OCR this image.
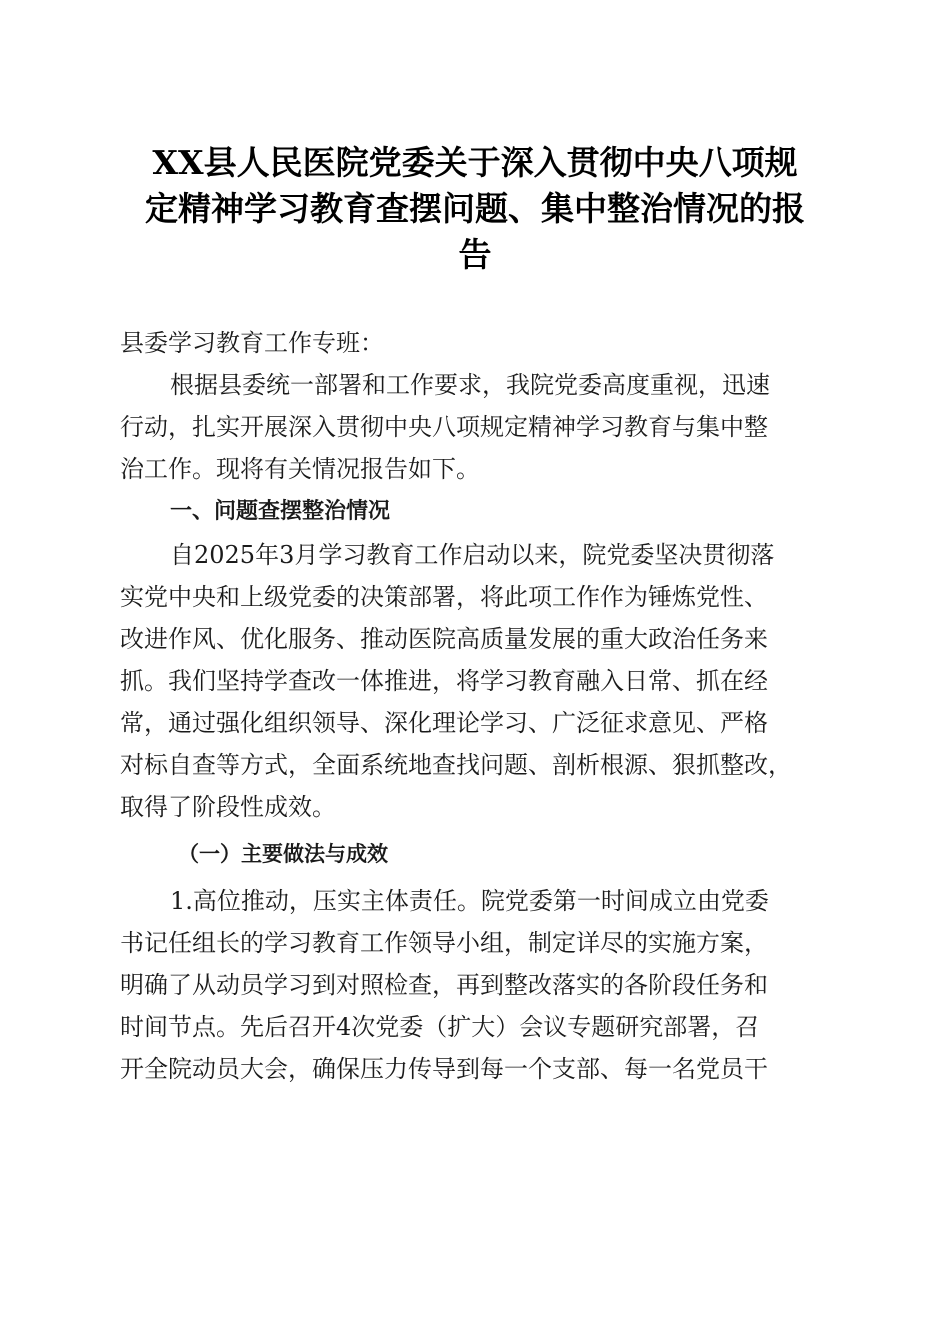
XX县人民医院党委关于深入贯彻中央八项规
定精神学习教育查摆问题、集中整治情况的报
告
县委学习教育工作专班：
根据县委统一部署和工作要求，我院党委高度重视，迅速
行动，扎实开展深入贯彻中央八项规定精神学习教育与集中整
治工作。现将有关情况报告如下。
一、问题查摆整治情况
自2025年3月学习教育工作启动以来，院党委坚决贯彻落
实党中央和上级党委的决策部署，将此项工作作为锤炼党性、
改进作风、优化服务、推动医院高质量发展的重大政治任务来
抓。我们坚持学查改一体推进，将学习教育融入日常、抓在经
常，通过强化组织领导、深化理论学习、广泛征求意见、严格
对标自查等方式，全面系统地查找问题、剖析根源、狠抓整改，
取得了阶段性成效。
（一）主要做法与成效
1.高位推动，压实主体责任。院党委第一时间成立由党委
书记任组长的学习教育工作领导小组，制定详尽的实施方案，
明确了从动员学习到对照检查，再到整改落实的各阶段任务和
时间节点。先后召开4次党委（扩大）会议专题研究部署，召
开全院动员大会，确保压力传导到每一个支部、每一名党员干
